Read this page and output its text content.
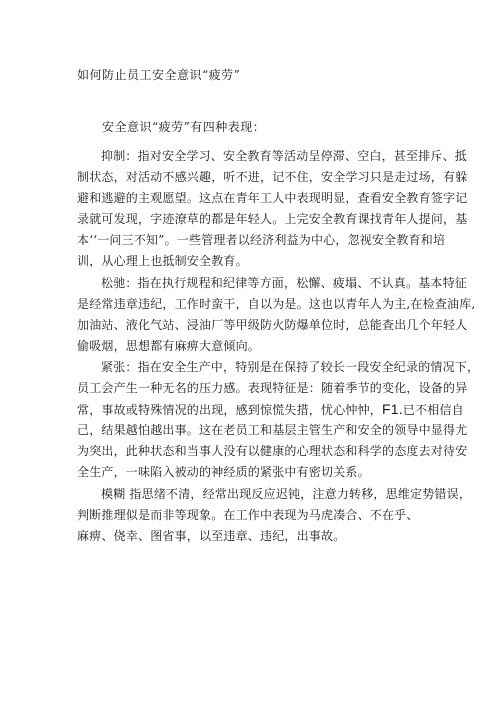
如何防止员工安全意识“疲劳”
安全意识“疲劳”有四种表现：
抑制：指对安全学习、安全教育等活动呈停滞、空白，甚至排斥、抵
制状态，对活动不感兴趣，听不进，记不住，安全学习只是走过场，有躲
避和逃避的主观愿望。这点在青年工人中表现明显，查看安全教育签字记
录就可发现，字迹潦草的都是年轻人。上完安全教育课找青年人提问，基
本‘‘一问三不知”。一些管理者以经济利益为中心，忽视安全教育和培
训，从心理上也抵制安全教育。
松驰：指在执行规程和纪律等方面，松懈、疲塌、不认真。基本特征
是经常违章违纪，工作时蛮干，自以为是。这也以青年人为主,在检查油库,
加油站、液化气站、浸油厂等甲级防火防爆单位时，总能查出几个年轻人
偷吸烟，思想都有麻痹大意倾向。
紧张：指在安全生产中，特别是在保持了较长一段安全纪录的情况下，
员工会产生一种无名的压力感。表现特征是：随着季节的变化，设备的异
常，事故或特殊情况的出现，感到惊慌失措，忧心忡忡，F1.已不相信自
己，结果越怕越出事。这在老员工和基层主管生产和安全的领导中显得尤
为突出，此种状态和当事人没有以健康的心理状态和科学的态度去对待安
全生产，一味陷入被动的神经质的紧张中有密切关系。
模糊 指思绪不清，经常出现反应迟钝，注意力转移，思维定势错误，
判断推理似是而非等现象。在工作中表现为马虎凑合、不在乎、
麻痹、侥幸、图省事，以至违章、违纪，出事故。
